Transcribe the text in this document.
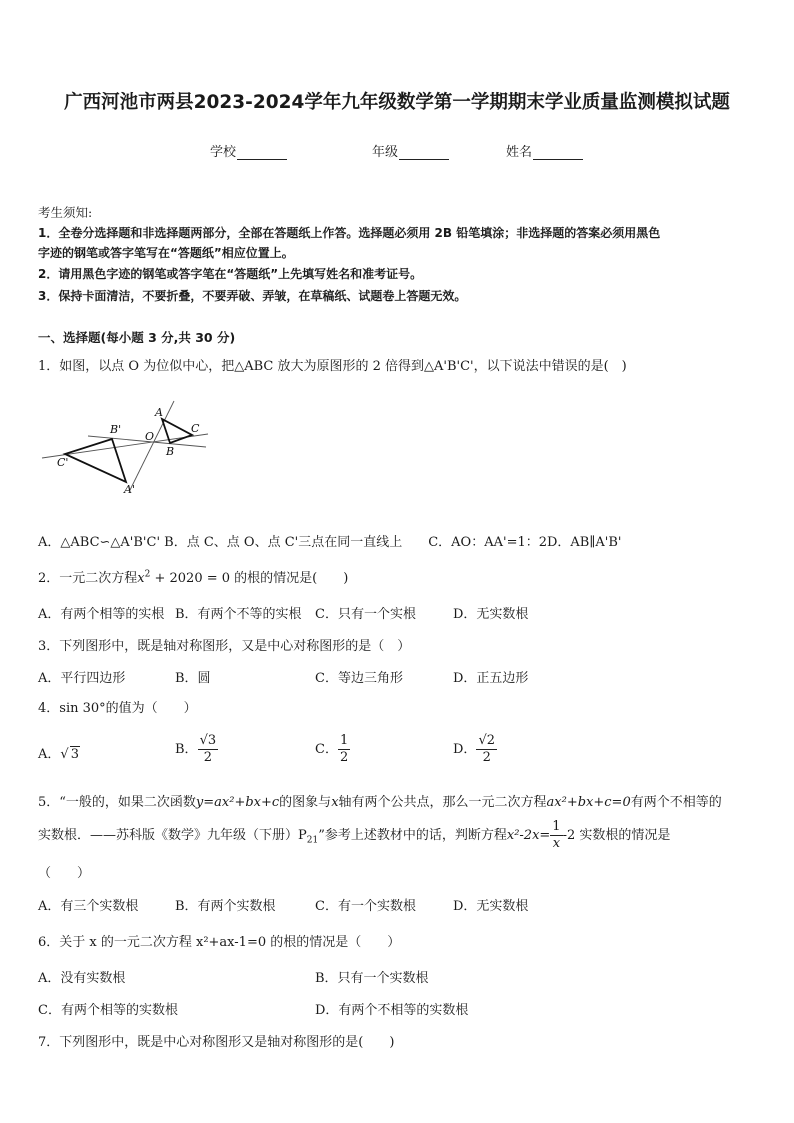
广西河池市两县2023-2024学年九年级数学第一学期期末学业质量监测模拟试题
学校	年级	姓名
考生须知:
1．全卷分选择题和非选择题两部分，全部在答题纸上作答。选择题必须用 2B 铅笔填涂；非选择题的答案必须用黑色
字迹的钢笔或答字笔写在“答题纸”相应位置上。
2．请用黑色字迹的钢笔或答字笔在“答题纸”上先填写姓名和准考证号。
3．保持卡面清洁，不要折叠，不要弄破、弄皱，在草稿纸、试题卷上答题无效。
一、选择题(每小题 3 分,共 30 分)
1．如图，以点 O 为位似中心，把△ABC 放大为原图形的 2 倍得到△A'B'C'，以下说法中错误的是(　)
A
B
C
O
A'
B'
C'
A．△ABC∽△A'B'C' B．点 C、点 O、点 C'三点在同一直线上　　C．AO：AA'=1：2D．AB∥A'B'
2．一元二次方程$x^2 + 2020 = 0$ 的根的情况是(　　)
A．有两个相等的实根 B．有两个不等的实根 C．只有一个实根	D．无实数根
3．下列图形中，既是轴对称图形，又是中心对称图形的是（　）
A．平行四边形	B．圆	C．等边三角形	D．正五边形
4．sin 30°的值为（　　）
A．√ 3	B． $\frac{√3}{2}$	C． $\frac{1}{2}$	D． $\frac{√2}{2}$
5．“一般的，如果二次函数y=ax²+bx+c的图象与x轴有两个公共点，那么一元二次方程ax²+bx+c=0有两个不相等的
实数根．——苏科版《数学》九年级（下册）$P_{21}$”参考上述教材中的话，判断方程$x^2-2x= \frac{1}{x} -2$ 实数根的情况是
（　　）
A．有三个实数根	B．有两个实数根	C．有一个实数根	D．无实数根
6．关于 x 的一元二次方程 x²+ax-1=0 的根的情况是（　　）
A．没有实数根	B．只有一个实数根
C．有两个相等的实数根	D．有两个不相等的实数根
7．下列图形中，既是中心对称图形又是轴对称图形的是(　　)
